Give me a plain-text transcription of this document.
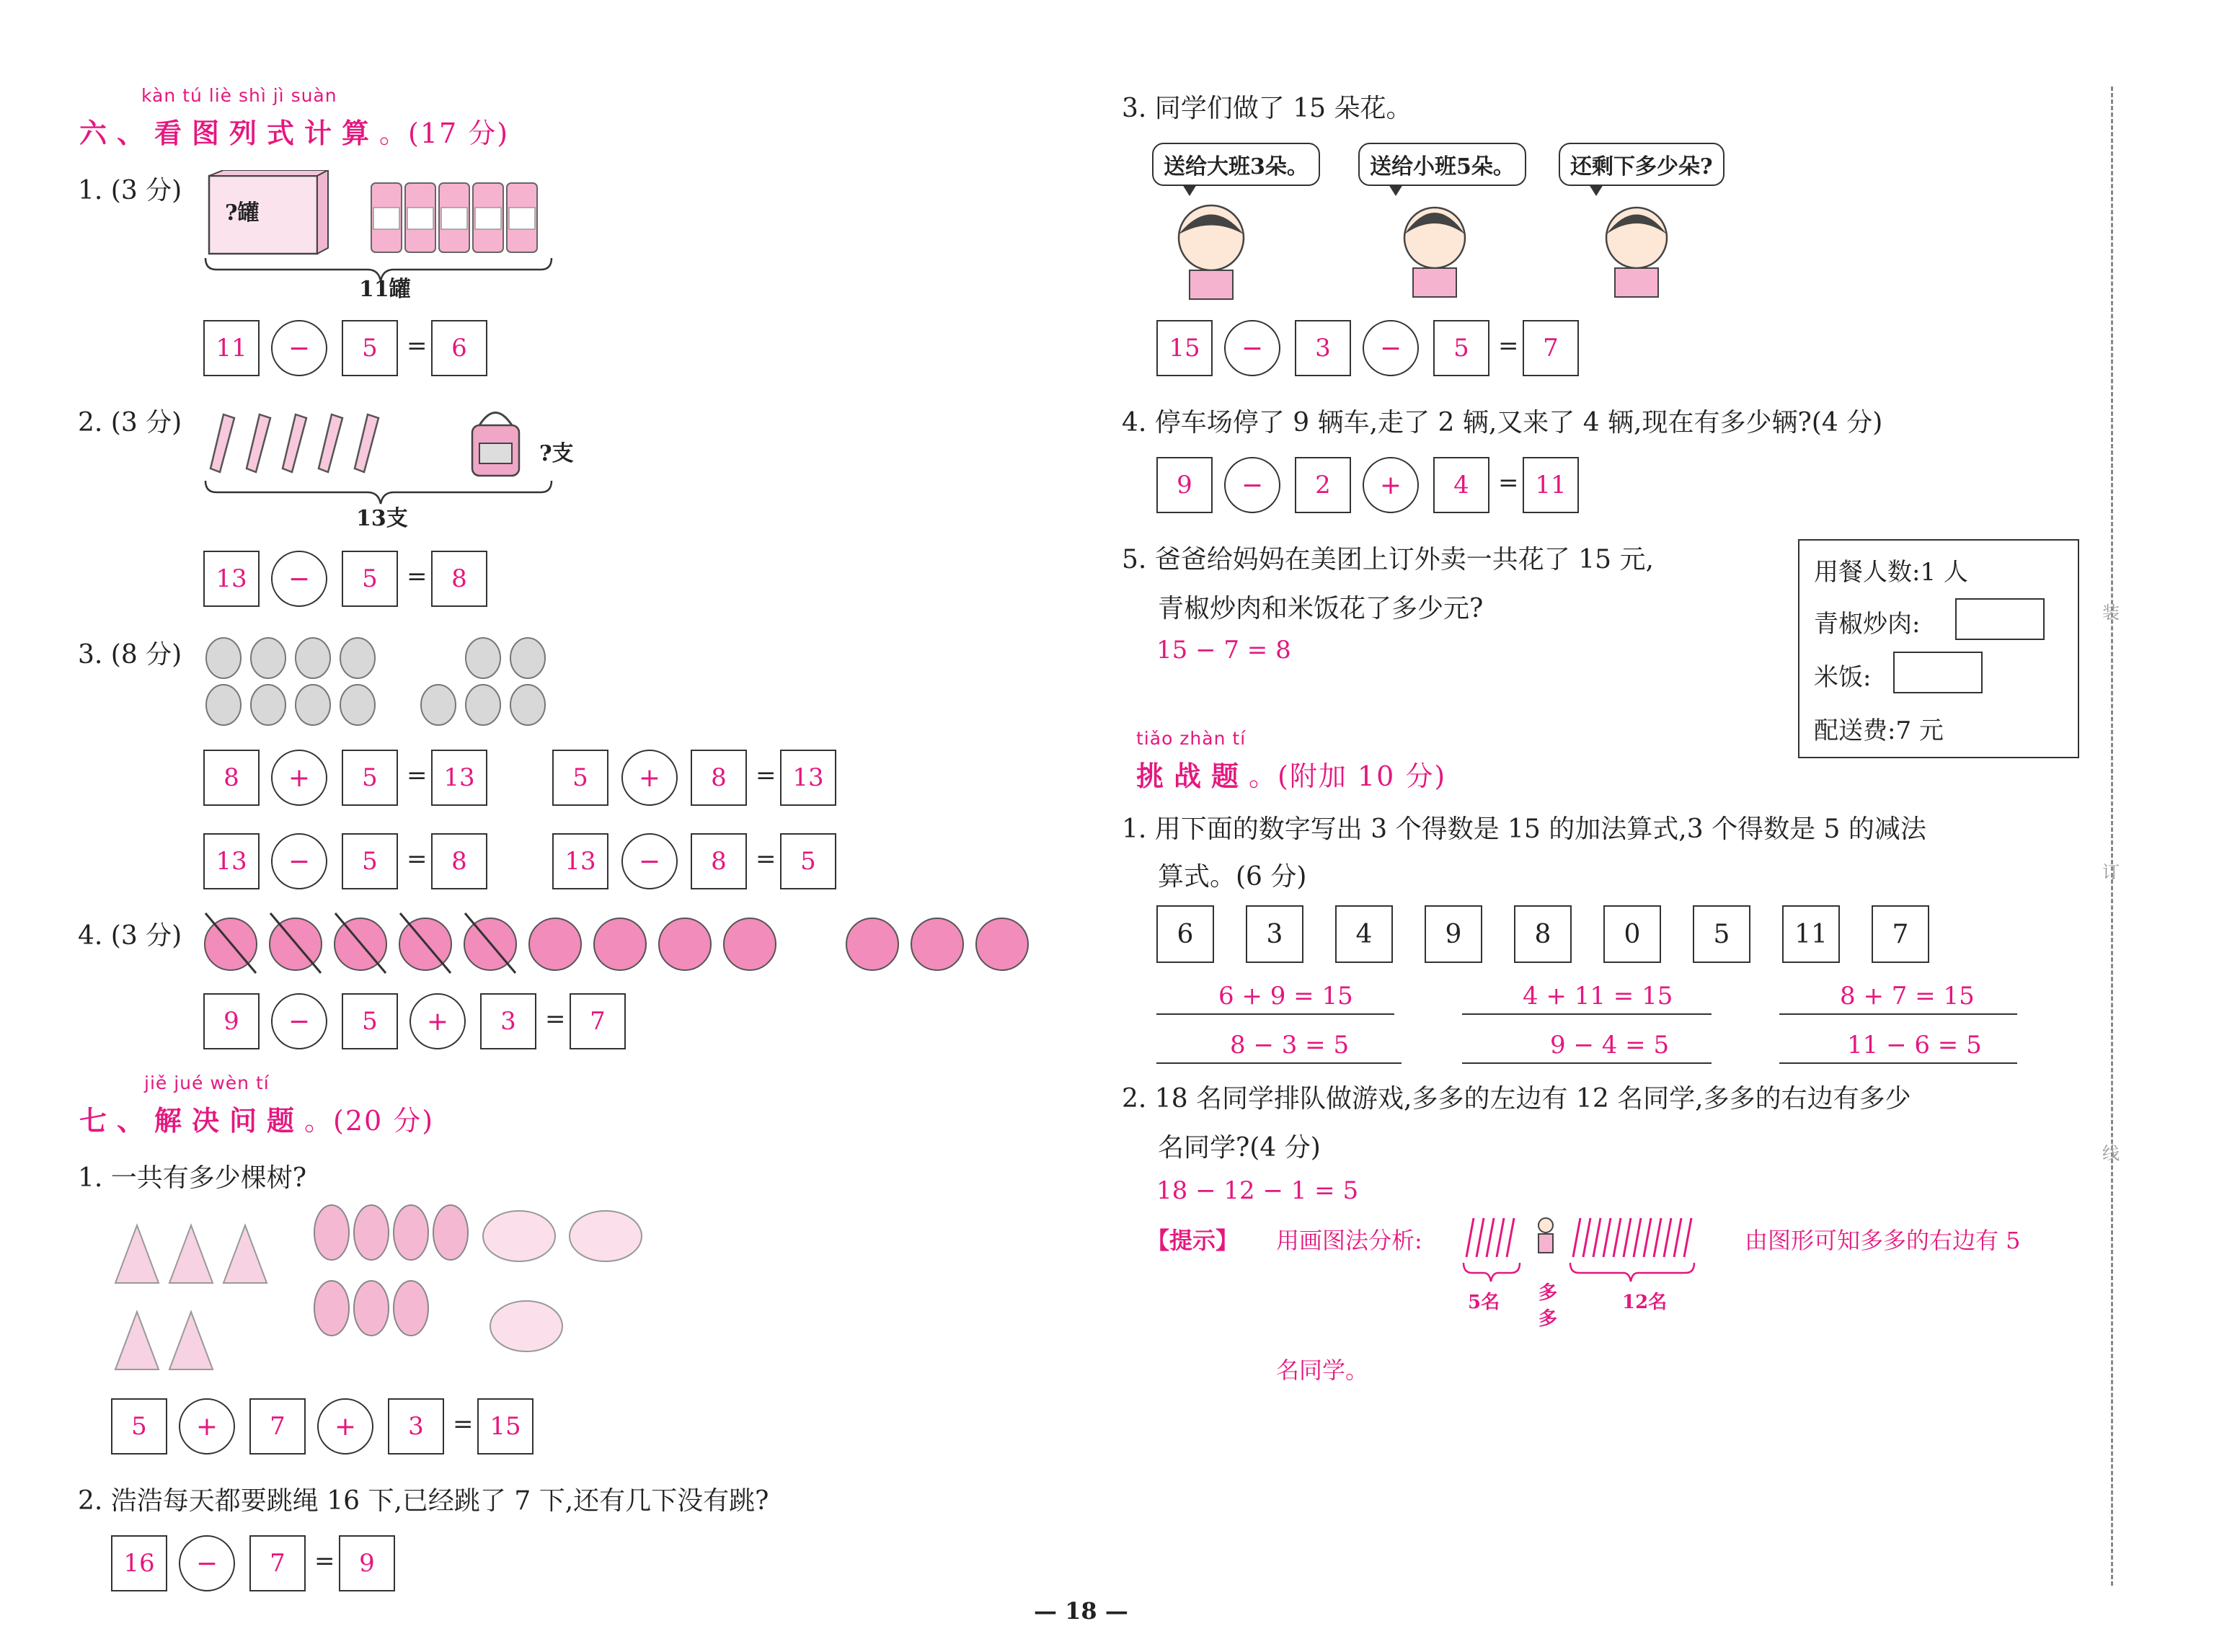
kàn tú liè shì jì suàn
六、看图列式计算。(17 分)
1. (3 分)
?罐
11罐
11	−	5	= 6
2. (3 分)
?支
13支
13	−	5	= 8
3. (8 分)
8	+	5	= 13	5	+	8	= 13
13	−	5	= 8	13	−	8	= 5
4. (3 分)
9	−	5	+	3	= 7
jiě jué wèn tí
七、解决问题。(20 分)
1. 一共有多少棵树?
5	+	7	+	3	= 15
2. 浩浩每天都要跳绳 16 下,已经跳了 7 下,还有几下没有跳?
16	−	7	= 9
3. 同学们做了 15 朵花。
送给大班3朵。	送给小班5朵。	还剩下多少朵?
15	−	3	−	5	= 7
4. 停车场停了 9 辆车,走了 2 辆,又来了 4 辆,现在有多少辆?(4 分)
9	−	2	+	4	= 11
5. 爸爸给妈妈在美团上订外卖一共花了 15 元,
青椒炒肉和米饭花了多少元?
15 − 7 = 8
用餐人数:1 人
青椒炒肉:
米饭:
配送费:7 元
tiǎo zhàn tí
挑战题。(附加 10 分)
1. 用下面的数字写出 3 个得数是 15 的加法算式,3 个得数是 5 的减法
算式。(6 分)
6	3	4	9	8	0	5	11	7
6 + 9 = 15	4 + 11 = 15	8 + 7 = 15
8 − 3 = 5	9 − 4 = 5	11 − 6 = 5
2. 18 名同学排队做游戏,多多的左边有 12 名同学,多多的右边有多少
名同学?(4 分)
18 − 12 − 1 = 5
【提示】 用画图法分析:	由图形可知多多的右边有 5
5名 多多
12名
名同学。
装
订
线
— 18 —
